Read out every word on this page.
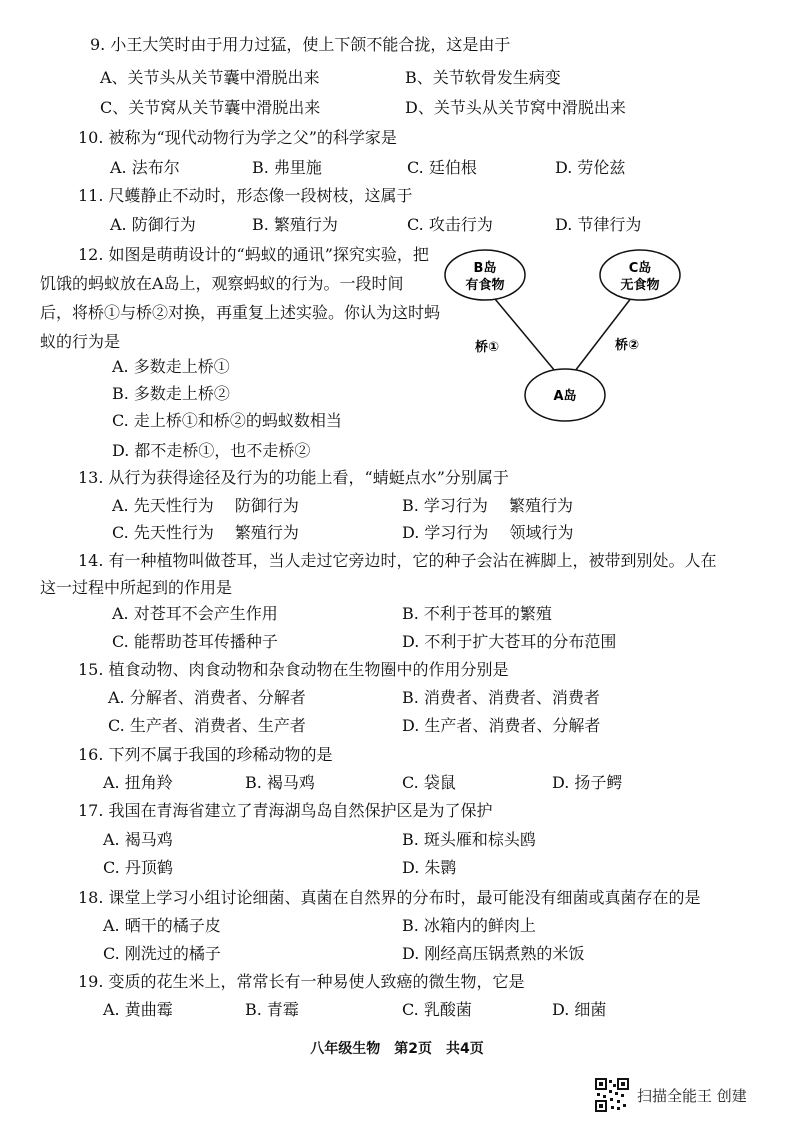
9. 小王大笑时由于用力过猛，使上下颌不能合拢，这是由于
A、关节头从关节囊中滑脱出来	B、关节软骨发生病变
C、关节窝从关节囊中滑脱出来	D、关节头从关节窝中滑脱出来
10. 被称为“现代动物行为学之父”的科学家是
A. 法布尔	B. 弗里施	C. 廷伯根	D. 劳伦兹
11. 尺蠖静止不动时，形态像一段树枝，这属于
A. 防御行为	B. 繁殖行为	C. 攻击行为	D. 节律行为
12. 如图是萌萌设计的“蚂蚁的通讯”探究实验，把
饥饿的蚂蚁放在A岛上，观察蚂蚁的行为。一段时间
后，将桥①与桥②对换，再重复上述实验。你认为这时蚂
蚁的行为是
A. 多数走上桥①
B. 多数走上桥②
C. 走上桥①和桥②的蚂蚁数相当
D. 都不走桥①，也不走桥②
B岛
有食物
C岛
无食物
A岛
桥①	桥②
13. 从行为获得途径及行为的功能上看，“蜻蜓点水”分别属于
A. 先天性行为　 防御行为	B. 学习行为　 繁殖行为
C. 先天性行为　 繁殖行为	D. 学习行为　 领域行为
14. 有一种植物叫做苍耳，当人走过它旁边时，它的种子会沾在裤脚上，被带到别处。人在
这一过程中所起到的作用是
A. 对苍耳不会产生作用	B. 不利于苍耳的繁殖
C. 能帮助苍耳传播种子	D. 不利于扩大苍耳的分布范围
15. 植食动物、肉食动物和杂食动物在生物圈中的作用分别是
A. 分解者、消费者、分解者	B. 消费者、消费者、消费者
C. 生产者、消费者、生产者	D. 生产者、消费者、分解者
16. 下列不属于我国的珍稀动物的是
A. 扭角羚	B. 褐马鸡	C. 袋鼠	D. 扬子鳄
17. 我国在青海省建立了青海湖鸟岛自然保护区是为了保护
A. 褐马鸡	B. 斑头雁和棕头鸥
C. 丹顶鹤	D. 朱鹮
18. 课堂上学习小组讨论细菌、真菌在自然界的分布时，最可能没有细菌或真菌存在的是
A. 晒干的橘子皮	B. 冰箱内的鲜肉上
C. 刚洗过的橘子	D. 刚经高压锅煮熟的米饭
19. 变质的花生米上，常常长有一种易使人致癌的微生物，它是
A. 黄曲霉	B. 青霉	C. 乳酸菌	D. 细菌
八年级生物　第2页　共4页
扫描全能王 创建
